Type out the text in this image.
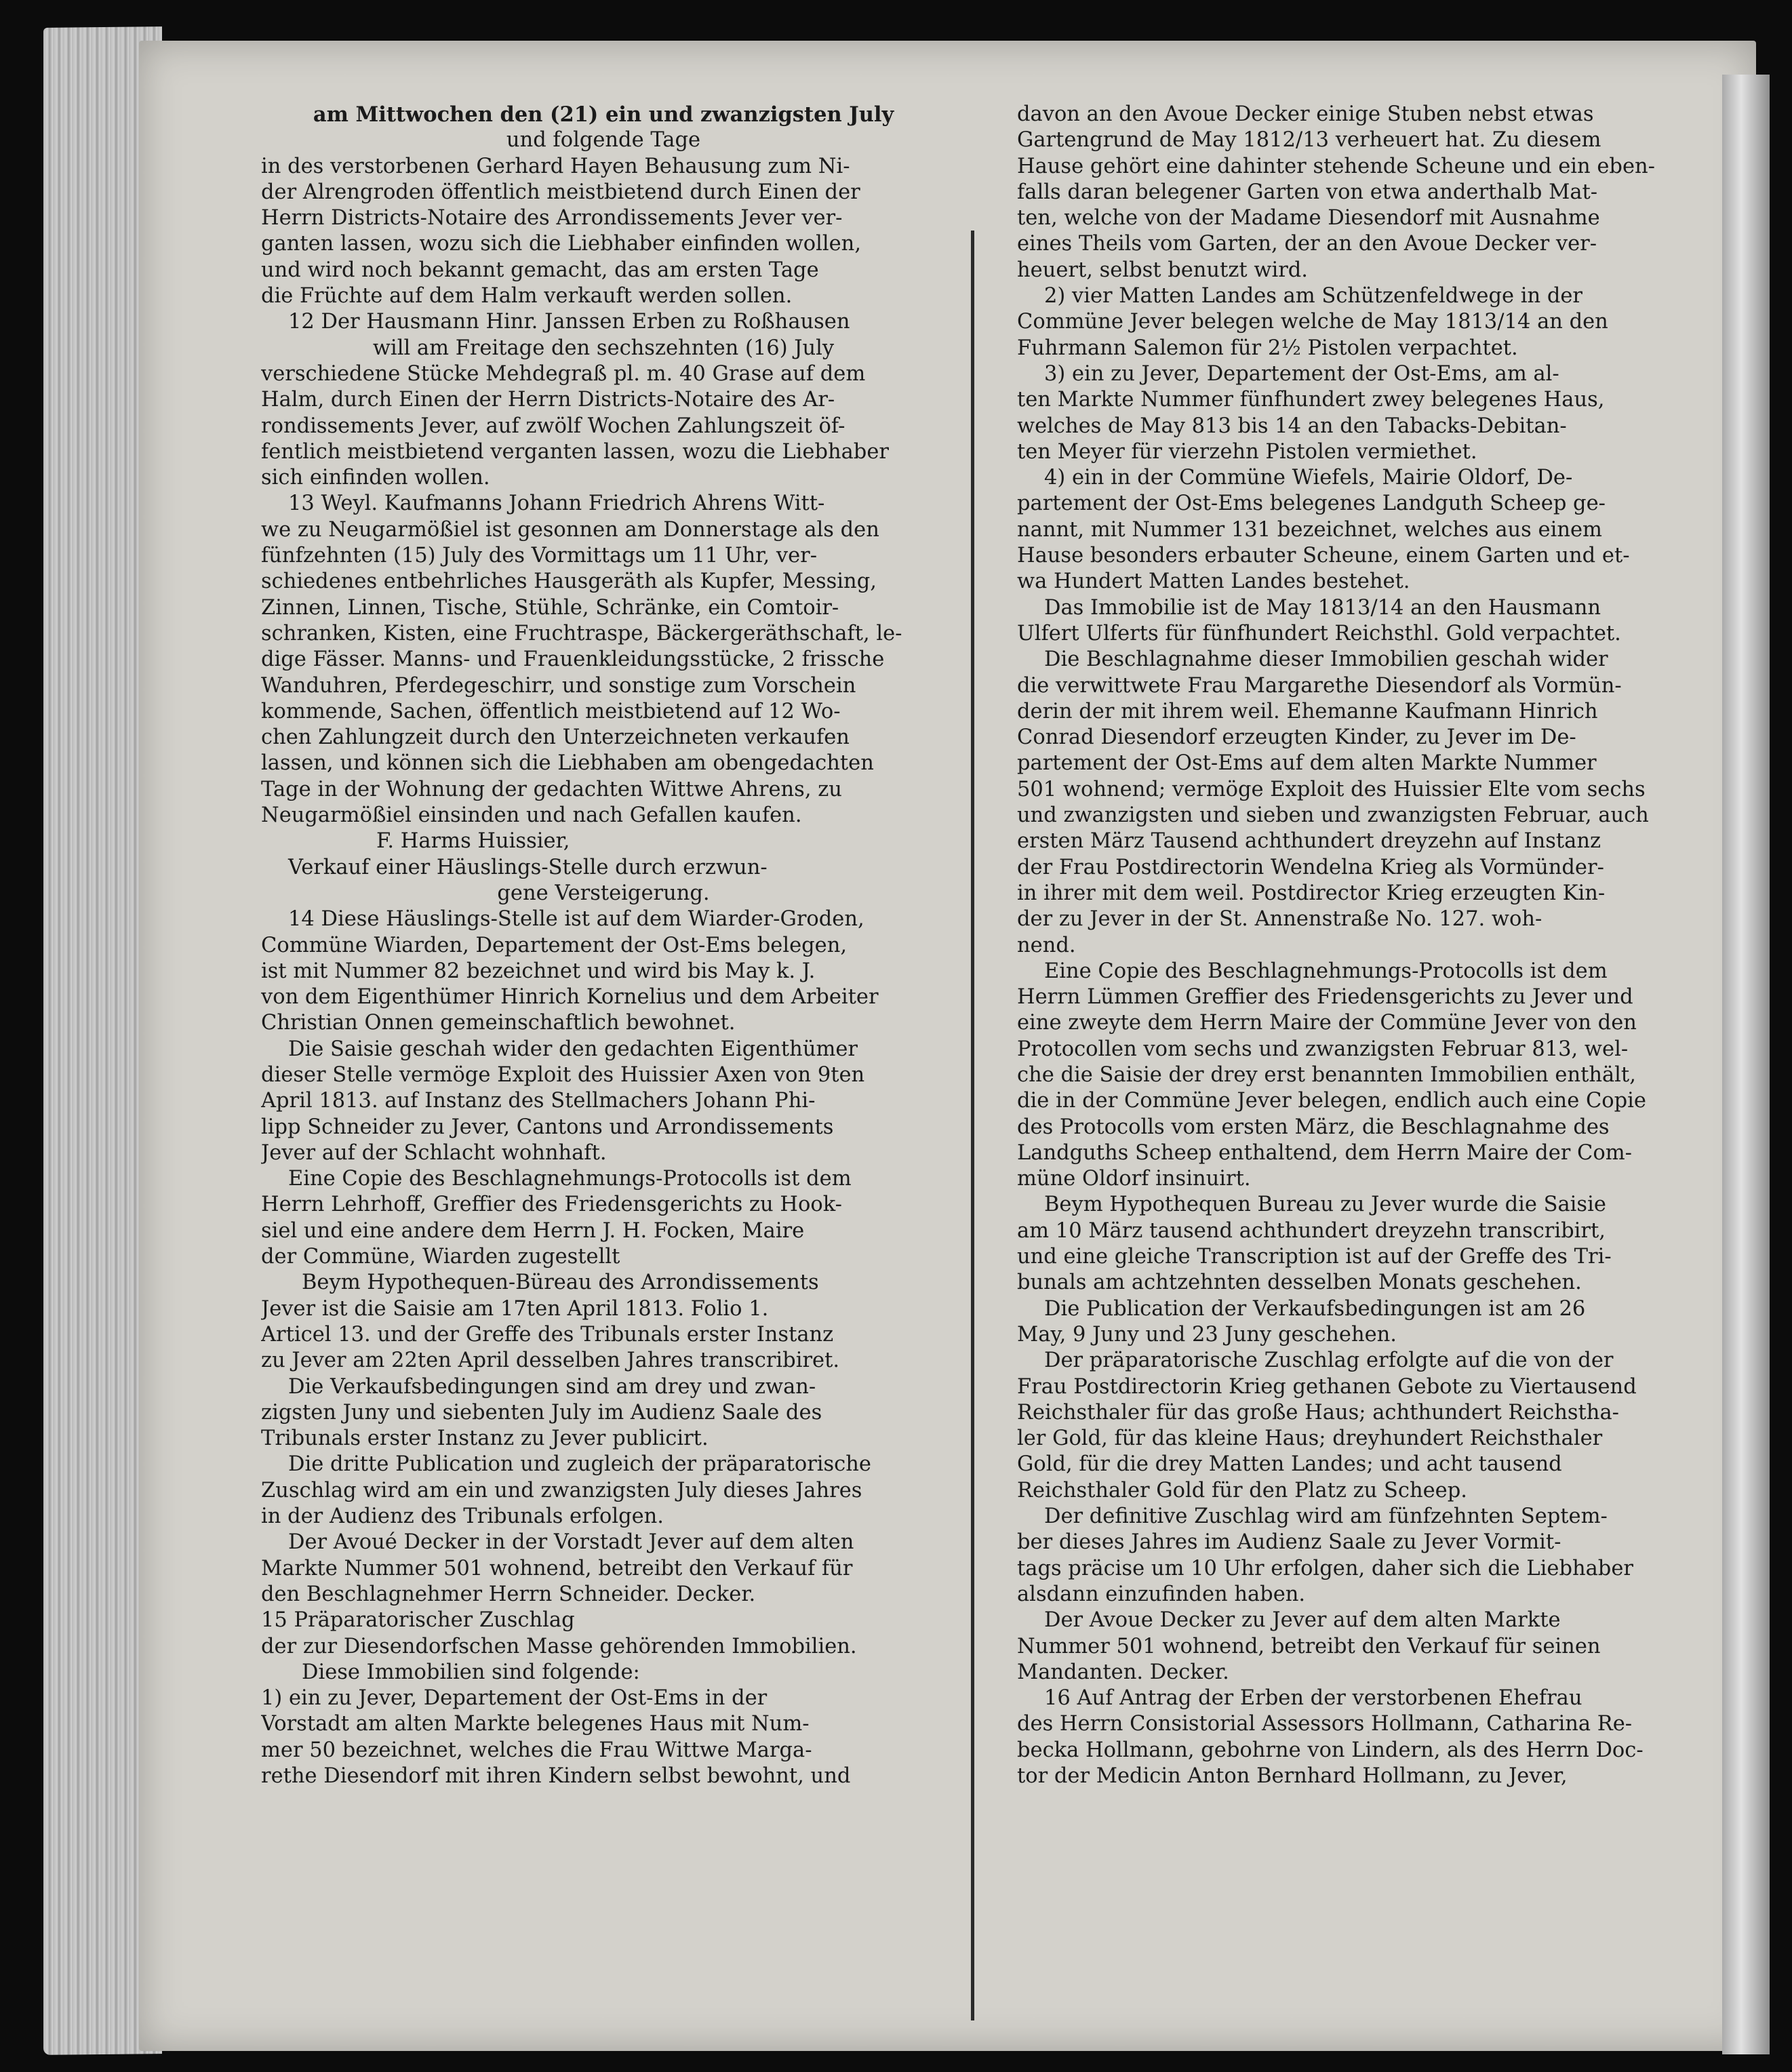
am Mittwochen den (21) ein und zwanzigsten July
und folgende Tage
in des verstorbenen Gerhard Hayen Behausung zum Ni-
der Alrengroden öffentlich meistbietend durch Einen der
Herrn Districts-Notaire des Arrondissements Jever ver-
ganten lassen, wozu sich die Liebhaber einfinden wollen,
und wird noch bekannt gemacht, das am ersten Tage
die Früchte auf dem Halm verkauft werden sollen.
12 Der Hausmann Hinr. Janssen Erben zu Roßhausen
will am Freitage den sechszehnten (16) July
verschiedene Stücke Mehdegraß pl. m. 40 Grase auf dem
Halm, durch Einen der Herrn Districts-Notaire des Ar-
rondissements Jever, auf zwölf Wochen Zahlungszeit öf-
fentlich meistbietend verganten lassen, wozu die Liebhaber
sich einfinden wollen.
13 Weyl. Kaufmanns Johann Friedrich Ahrens Witt-
we zu Neugarmößiel ist gesonnen am Donnerstage als den
fünfzehnten (15) July des Vormittags um 11 Uhr, ver-
schiedenes entbehrliches Hausgeräth als Kupfer, Messing,
Zinnen, Linnen, Tische, Stühle, Schränke, ein Comtoir-
schranken, Kisten, eine Fruchtraspe, Bäckergeräthschaft, le-
dige Fässer. Manns- und Frauenkleidungsstücke, 2 frissche
Wanduhren, Pferdegeschirr, und sonstige zum Vorschein
kommende, Sachen, öffentlich meistbietend auf 12 Wo-
chen Zahlungzeit durch den Unterzeichneten verkaufen
lassen, und können sich die Liebhaben am obengedachten
Tage in der Wohnung der gedachten Wittwe Ahrens, zu
Neugarmößiel einsinden und nach Gefallen kaufen.
F. Harms Huissier,
Verkauf einer Häuslings-Stelle durch erzwun-
gene Versteigerung.
14 Diese Häuslings-Stelle ist auf dem Wiarder-Groden,
Commüne Wiarden, Departement der Ost-Ems belegen,
ist mit Nummer 82 bezeichnet und wird bis May k. J.
von dem Eigenthümer Hinrich Kornelius und dem Arbeiter
Christian Onnen gemeinschaftlich bewohnet.
Die Saisie geschah wider den gedachten Eigenthümer
dieser Stelle vermöge Exploit des Huissier Axen von 9ten
April 1813. auf Instanz des Stellmachers Johann Phi-
lipp Schneider zu Jever, Cantons und Arrondissements
Jever auf der Schlacht wohnhaft.
Eine Copie des Beschlagnehmungs-Protocolls ist dem
Herrn Lehrhoff, Greffier des Friedensgerichts zu Hook-
siel und eine andere dem Herrn J. H. Focken, Maire
der Commüne, Wiarden zugestellt
Beym Hypothequen-Büreau des Arrondissements
Jever ist die Saisie am 17ten April 1813. Folio 1.
Articel 13. und der Greffe des Tribunals erster Instanz
zu Jever am 22ten April desselben Jahres transcribiret.
Die Verkaufsbedingungen sind am drey und zwan-
zigsten Juny und siebenten July im Audienz Saale des
Tribunals erster Instanz zu Jever publicirt.
Die dritte Publication und zugleich der präparatorische
Zuschlag wird am ein und zwanzigsten July dieses Jahres
in der Audienz des Tribunals erfolgen.
Der Avoué Decker in der Vorstadt Jever auf dem alten
Markte Nummer 501 wohnend, betreibt den Verkauf für
den Beschlagnehmer Herrn Schneider. Decker.
15 Präparatorischer Zuschlag
der zur Diesendorfschen Masse gehörenden Immobilien.
Diese Immobilien sind folgende:
1) ein zu Jever, Departement der Ost-Ems in der
Vorstadt am alten Markte belegenes Haus mit Num-
mer 50 bezeichnet, welches die Frau Wittwe Marga-
rethe Diesendorf mit ihren Kindern selbst bewohnt, und
davon an den Avoue Decker einige Stuben nebst etwas
Gartengrund de May 1812/13 verheuert hat. Zu diesem
Hause gehört eine dahinter stehende Scheune und ein eben-
falls daran belegener Garten von etwa anderthalb Mat-
ten, welche von der Madame Diesendorf mit Ausnahme
eines Theils vom Garten, der an den Avoue Decker ver-
heuert, selbst benutzt wird.
2) vier Matten Landes am Schützenfeldwege in der
Commüne Jever belegen welche de May 1813/14 an den
Fuhrmann Salemon für 2½ Pistolen verpachtet.
3) ein zu Jever, Departement der Ost-Ems, am al-
ten Markte Nummer fünfhundert zwey belegenes Haus,
welches de May 813 bis 14 an den Tabacks-Debitan-
ten Meyer für vierzehn Pistolen vermiethet.
4) ein in der Commüne Wiefels, Mairie Oldorf, De-
partement der Ost-Ems belegenes Landguth Scheep ge-
nannt, mit Nummer 131 bezeichnet, welches aus einem
Hause besonders erbauter Scheune, einem Garten und et-
wa Hundert Matten Landes bestehet.
Das Immobilie ist de May 1813/14 an den Hausmann
Ulfert Ulferts für fünfhundert Reichsthl. Gold verpachtet.
Die Beschlagnahme dieser Immobilien geschah wider
die verwittwete Frau Margarethe Diesendorf als Vormün-
derin der mit ihrem weil. Ehemanne Kaufmann Hinrich
Conrad Diesendorf erzeugten Kinder, zu Jever im De-
partement der Ost-Ems auf dem alten Markte Nummer
501 wohnend; vermöge Exploit des Huissier Elte vom sechs
und zwanzigsten und sieben und zwanzigsten Februar, auch
ersten März Tausend achthundert dreyzehn auf Instanz
der Frau Postdirectorin Wendelna Krieg als Vormünder-
in ihrer mit dem weil. Postdirector Krieg erzeugten Kin-
der zu Jever in der St. Annenstraße No. 127. woh-
nend.
Eine Copie des Beschlagnehmungs-Protocolls ist dem
Herrn Lümmen Greffier des Friedensgerichts zu Jever und
eine zweyte dem Herrn Maire der Commüne Jever von den
Protocollen vom sechs und zwanzigsten Februar 813, wel-
che die Saisie der drey erst benannten Immobilien enthält,
die in der Commüne Jever belegen, endlich auch eine Copie
des Protocolls vom ersten März, die Beschlagnahme des
Landguths Scheep enthaltend, dem Herrn Maire der Com-
müne Oldorf insinuirt.
Beym Hypothequen Bureau zu Jever wurde die Saisie
am 10 März tausend achthundert dreyzehn transcribirt,
und eine gleiche Transcription ist auf der Greffe des Tri-
bunals am achtzehnten desselben Monats geschehen.
Die Publication der Verkaufsbedingungen ist am 26
May, 9 Juny und 23 Juny geschehen.
Der präparatorische Zuschlag erfolgte auf die von der
Frau Postdirectorin Krieg gethanen Gebote zu Viertausend
Reichsthaler für das große Haus; achthundert Reichstha-
ler Gold, für das kleine Haus; dreyhundert Reichsthaler
Gold, für die drey Matten Landes; und acht tausend
Reichsthaler Gold für den Platz zu Scheep.
Der definitive Zuschlag wird am fünfzehnten Septem-
ber dieses Jahres im Audienz Saale zu Jever Vormit-
tags präcise um 10 Uhr erfolgen, daher sich die Liebhaber
alsdann einzufinden haben.
Der Avoue Decker zu Jever auf dem alten Markte
Nummer 501 wohnend, betreibt den Verkauf für seinen
Mandanten. Decker.
16 Auf Antrag der Erben der verstorbenen Ehefrau
des Herrn Consistorial Assessors Hollmann, Catharina Re-
becka Hollmann, gebohrne von Lindern, als des Herrn Doc-
tor der Medicin Anton Bernhard Hollmann, zu Jever,
